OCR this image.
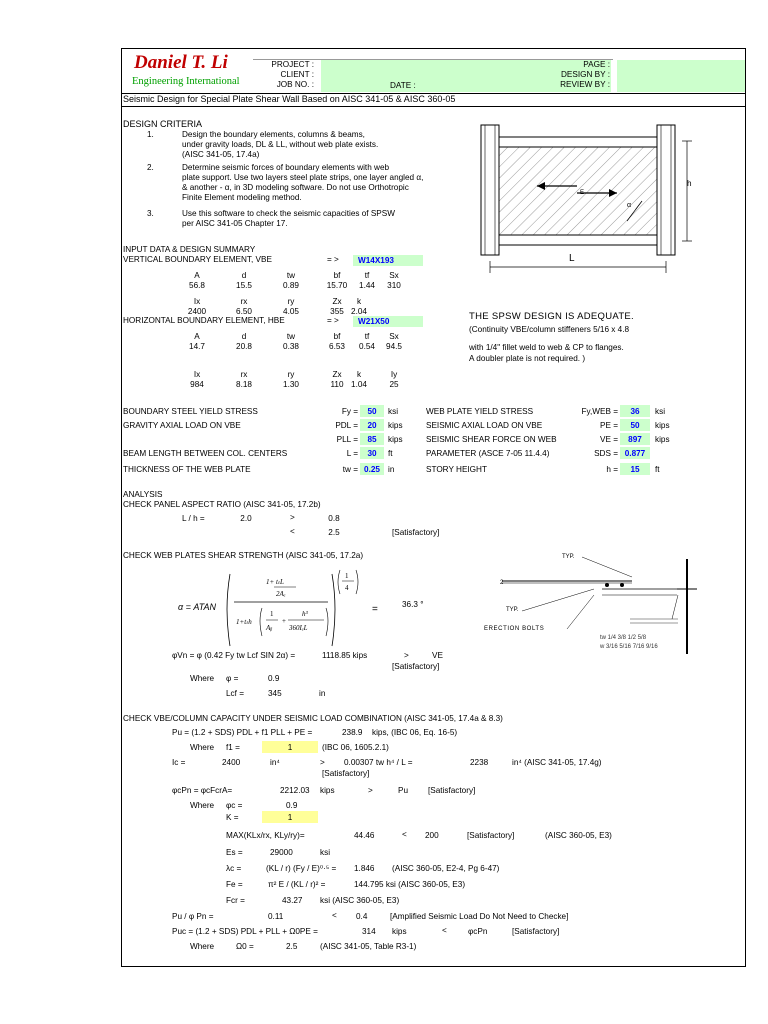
Daniel T. Li
Engineering International
PROJECT :
CLIENT :
JOB NO. :	DATE :
PAGE :
DESIGN BY :
REVIEW BY :
Seismic Design for Special Plate Shear Wall Based on AISC 341-05 & AISC 360-05
DESIGN CRITERIA
1.	Design the boundary elements, columns & beams,
under gravity loads, DL & LL, without web plate exists.
(AISC 341-05, 17.4a)
2.	Determine seismic forces of boundary elements with web
plate support. Use two layers steel plate strips, one layer angled α,
& another - α, in 3D modeling software. Do not use Orthotropic
Finite Element modeling method.
3.	Use this software to check the seismic capacities of SPSW
per AISC 341-05 Chapter 17.
h
L
E
α
INPUT DATA & DESIGN SUMMARY
VERTICAL BOUNDARY ELEMENT, VBE	= > W14X193
A	d	tw	bf	tf	Sx
56.8	15.5	0.89	15.70	1.44	310
Ix	rx	ry	Zx	k
2400	6.50	4.05	355 2.04
HORIZONTAL BOUNDARY ELEMENT, HBE	= > W21X50
A	d	tw	bf	tf	Sx
14.7	20.8	0.38	6.53	0.54	94.5
Ix	rx	ry	Zx	k	Iy
984	8.18	1.30	110 1.04	25
THE SPSW DESIGN IS ADEQUATE.
(Continuity VBE/column stiffeners 5/16 x 4.8
with 1/4" fillet weld to web & CP to flanges.
A doubler plate is not required. )
BOUNDARY STEEL YIELD STRESS	Fy =	50	ksi
GRAVITY AXIAL LOAD ON VBE	PDL =	20	kips
PLL =	85	kips
BEAM LENGTH BETWEEN COL. CENTERS	L =	30	ft
THICKNESS OF THE WEB PLATE	tw = 0.25 in
WEB PLATE YIELD STRESS	Fy,WEB =	36	ksi
SEISMIC AXIAL LOAD ON VBE	PE =	50	kips
SEISMIC SHEAR FORCE ON WEB	VE =	897	kips
PARAMETER (ASCE 7-05 11.4.4)	SDS = 0.877
STORY HEIGHT	h =	15	ft
ANALYSIS
CHECK PANEL ASPECT RATIO (AISC 341-05, 17.2b)
L / h =	2.0	>	0.8
<	2.5	[Satisfactory]
CHECK WEB PLATES SHEAR STRENGTH (AISC 341-05, 17.2a)
α = ATAN
1+ tₜL
2Aₑ
1+tₜh
1
Aᵦ
+
h³
360IₑL
1
4
=	36.3 °
TYP.
TYP.
2
ERECTION BOLTS
tw 1/4 3/8 1/2 5/8
w 3/16 5/16 7/16 9/16
φVn = φ (0.42 Fy tw Lcf SIN 2α) =	1118.85 kips	>	VE
[Satisfactory]
Where φ =	0.9
Lcf =	345	in
CHECK VBE/COLUMN CAPACITY UNDER SEISMIC LOAD COMBINATION (AISC 341-05, 17.4a & 8.3)
Pu = (1.2 + SDS) PDL + f1 PLL + PE =	238.9 kips, (IBC 06, Eq. 16-5)
Where f1 =	1	(IBC 06, 1605.2.1)
Ic =	2400	in⁴	> 0.00307 tw h⁴ / L =	2238	in⁴ (AISC 341-05, 17.4g)
[Satisfactory]
φcPn = φcFcrA=	2212.03 kips	>	Pu [Satisfactory]
Where φc =	0.9
K =	1
MAX(KLx/rx, KLy/ry)=	44.46	< 200	[Satisfactory]	(AISC 360-05, E3)
Es =	29000	ksi
λc =	(KL / r) (Fy / E)⁰·⁵ = 1.846 (AISC 360-05, E2-4, Pg 6-47)
Fe =	π² E / (KL / r)² =	144.795 ksi (AISC 360-05, E3)
Fcr =	43.27 ksi (AISC 360-05, E3)
Pu / φ Pn =	0.11	< 0.4	[Amplified Seismic Load Do Not Need to Checke]
Puc = (1.2 + SDS) PDL + PLL + Ω0PE =	314 kips	<	φcPn	[Satisfactory]
Where	Ω0 =	2.5	(AISC 341-05, Table R3-1)
